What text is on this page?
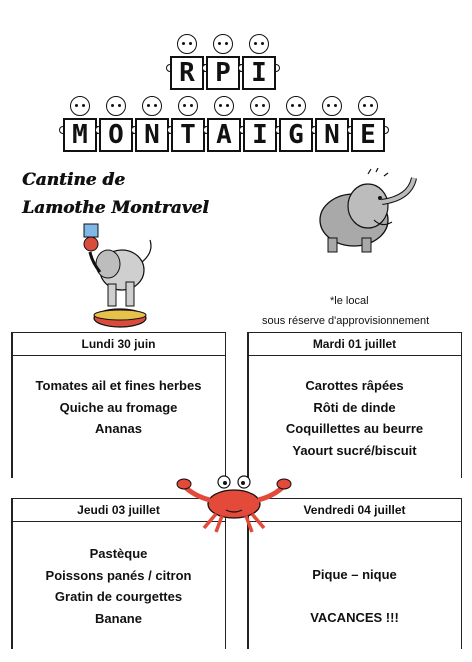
R P I
M O N T A I G N E
Cantine de
Lamothe Montravel
*le local
sous réserve d'approvisionnement
Lundi 30 juin
Tomates ail et fines herbes
Quiche au fromage
Ananas
Mardi 01 juillet
Carottes râpées
Rôti de dinde
Coquillettes au beurre
Yaourt sucré/biscuit
Jeudi 03 juillet
Pastèque
Poissons panés / citron
Gratin de courgettes
Banane
Vendredi 04 juillet
Pique – nique
VACANCES !!!
